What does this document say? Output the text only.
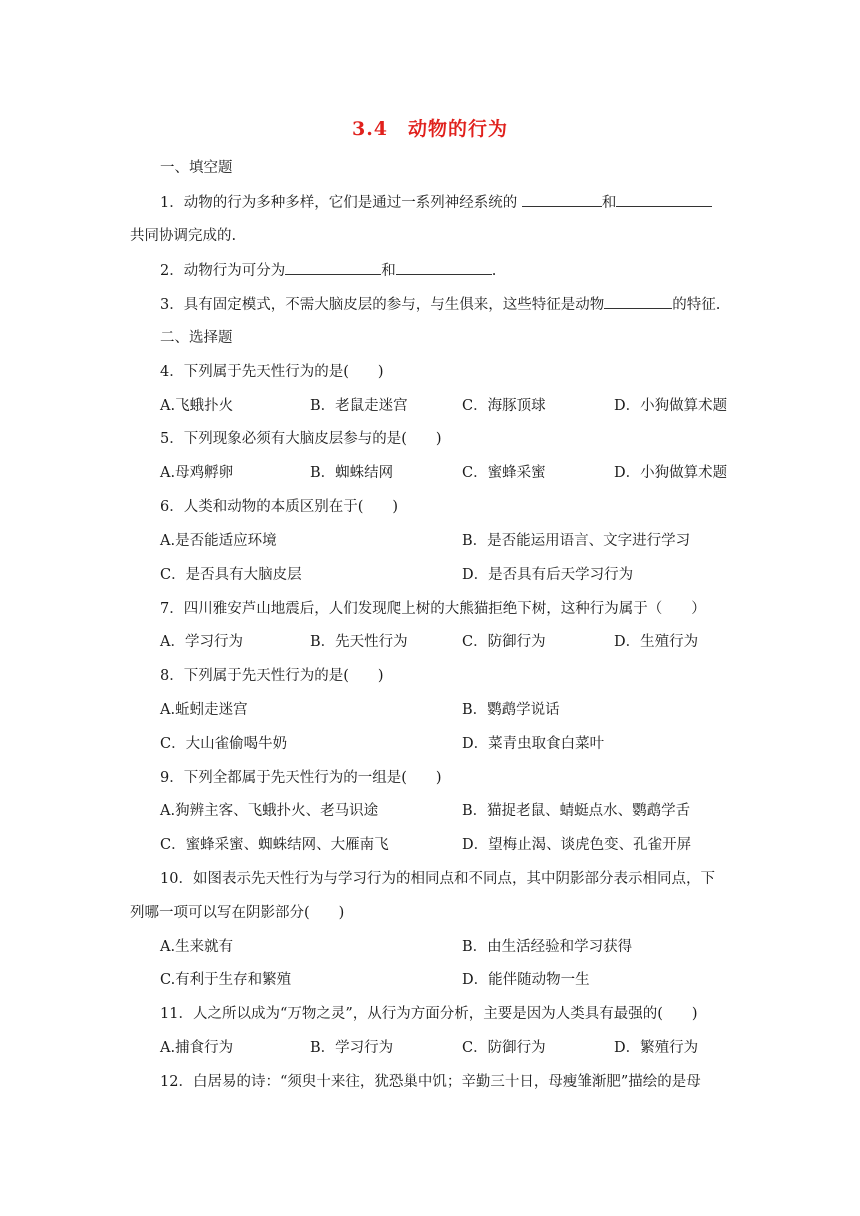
3.4　动物的行为
一、填空题
1．动物的行为多种多样，它们是通过一系列神经系统的	和
共同协调完成的.
2．动物行为可分为	和	.
3．具有固定模式，不需大脑皮层的参与，与生俱来，这些特征是动物	的特征.
二、选择题
4．下列属于先天性行为的是(　　)
A.飞蛾扑火	B．老鼠走迷宫	C．海豚顶球	D．小狗做算术题
5．下列现象必须有大脑皮层参与的是(　　)
A.母鸡孵卵	B．蜘蛛结网	C．蜜蜂采蜜	D．小狗做算术题
6．人类和动物的本质区别在于(　　)
A.是否能适应环境	B．是否能运用语言、文字进行学习
C．是否具有大脑皮层	D．是否具有后天学习行为
7．四川雅安芦山地震后，人们发现爬上树的大熊猫拒绝下树，这种行为属于（　　）
A．学习行为	B．先天性行为	C．防御行为	D．生殖行为
8．下列属于先天性行为的是(　　)
A.蚯蚓走迷宫	B．鹦鹉学说话
C．大山雀偷喝牛奶	D．菜青虫取食白菜叶
9．下列全都属于先天性行为的一组是(　　)
A.狗辨主客、飞蛾扑火、老马识途	B．猫捉老鼠、蜻蜓点水、鹦鹉学舌
C．蜜蜂采蜜、蜘蛛结网、大雁南飞	D．望梅止渴、谈虎色变、孔雀开屏
10．如图表示先天性行为与学习行为的相同点和不同点，其中阴影部分表示相同点，下
列哪一项可以写在阴影部分(　　)
A.生来就有	B．由生活经验和学习获得
C.有利于生存和繁殖	D．能伴随动物一生
11．人之所以成为“万物之灵”，从行为方面分析，主要是因为人类具有最强的(　　)
A.捕食行为	B．学习行为	C．防御行为	D．繁殖行为
12．白居易的诗：“须臾十来往，犹恐巢中饥；辛勤三十日，母瘦雏渐肥”描绘的是母
